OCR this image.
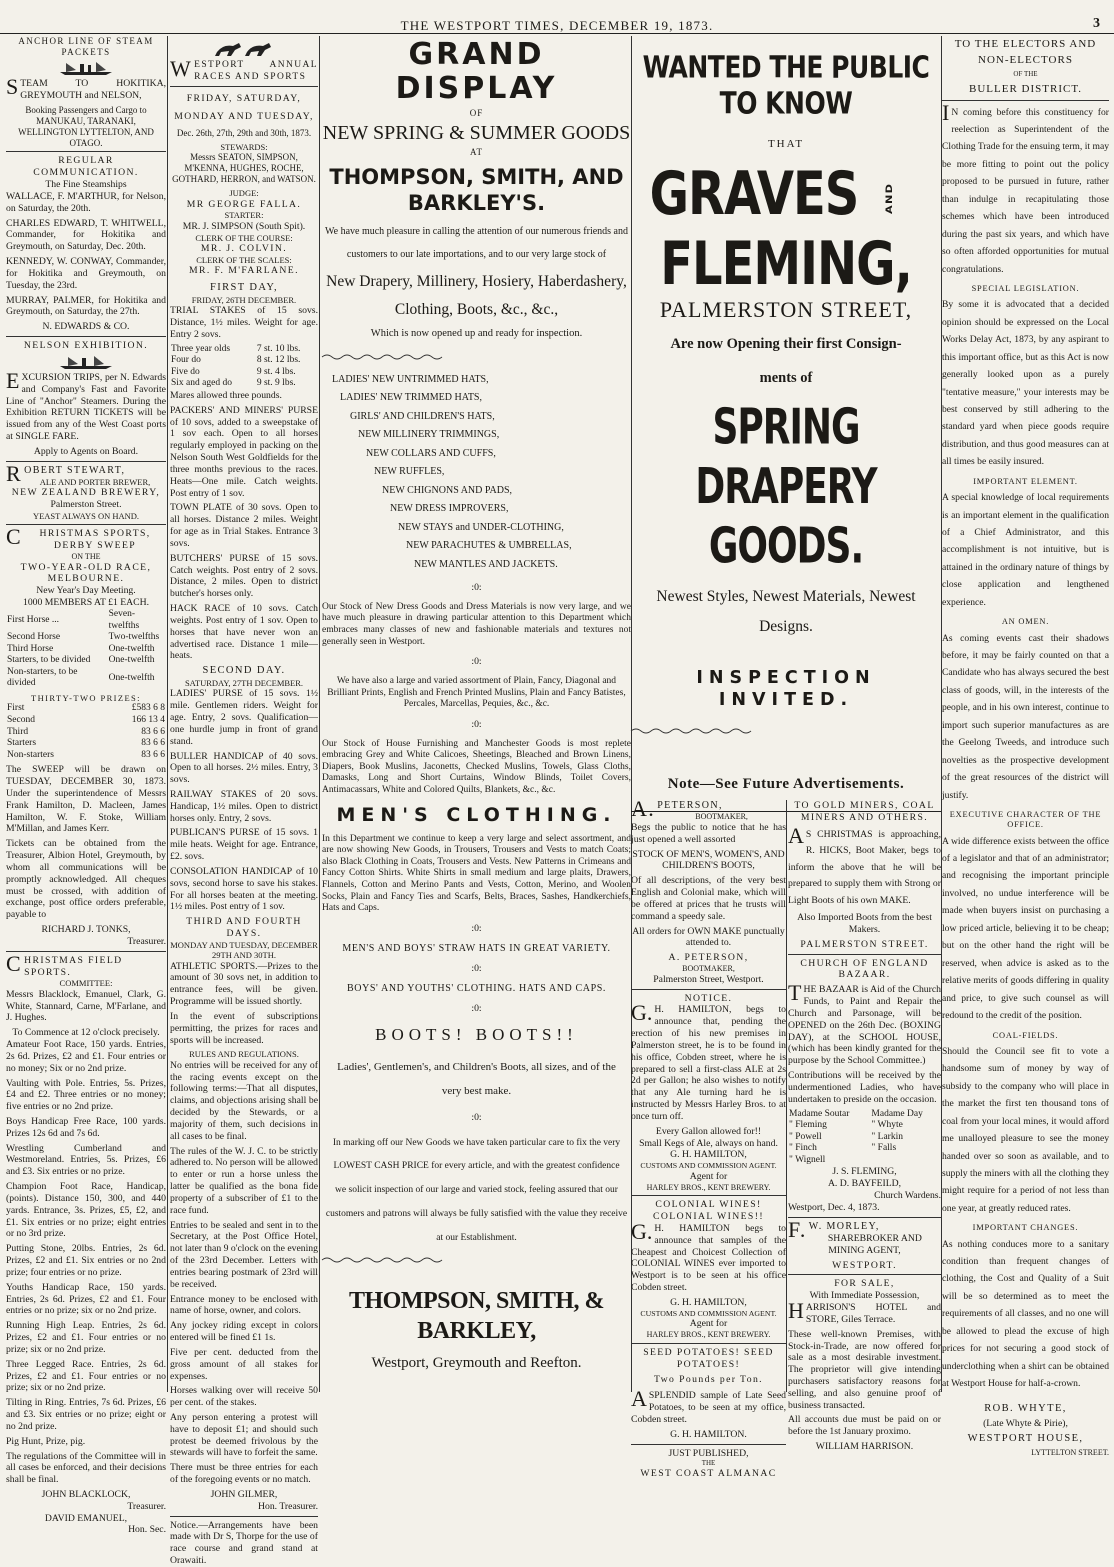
THE WESTPORT TIMES, DECEMBER 19, 1873.	3
ANCHOR LINE OF STEAM PACKETS
STEAM TO HOKITIKA, GREYMOUTH and NELSON,
Booking Passengers and Cargo to MANUKAU, TARANAKI, WELLINGTON LYTTELTON, AND OTAGO.
REGULAR COMMUNICATION.
The Fine Steamships
WALLACE, F. M'ARTHUR, for Nelson, on Saturday, the 20th.
CHARLES EDWARD, T. WHITWELL, Commander, for Hokitika and Greymouth, on Saturday, Dec. 20th.
KENNEDY, W. CONWAY, Commander, for Hokitika and Greymouth, on Tuesday, the 23rd.
MURRAY, PALMER, for Hokitika and Greymouth, on Saturday, the 27th.
N. EDWARDS & CO.
NELSON EXHIBITION.
EXCURSION TRIPS, per N. Edwards and Company's Fast and Favorite Line of "Anchor" Steamers. During the Exhibition RETURN TICKETS will be issued from any of the West Coast ports at SINGLE FARE.
Apply to Agents on Board.
ROBERT STEWART,
ALE AND PORTER BREWER,
NEW ZEALAND BREWERY,
Palmerston Street.
YEAST ALWAYS ON HAND.
CHRISTMAS SPORTS, DERBY SWEEP
ON THE
TWO-YEAR-OLD RACE, MELBOURNE.
New Year's Day Meeting.
1000 MEMBERS AT £1 EACH.
First Horse ...	Seven-twelfths
Second Horse	Two-twelfths
Third Horse	One-twelfth
Starters, to be divided	One-twelfth
Non-starters, to be divided	One-twelfth
THIRTY-TWO PRIZES:
First	£583 6 8
Second	166 13 4
Third	83 6 6
Starters	83 6 6
Non-starters	83 6 6
The SWEEP will be drawn on TUESDAY, DECEMBER 30, 1873. Under the superintendence of Messrs Frank Hamilton, D. Macleen, James Hamilton, W. F. Stoke, William M'Millan, and James Kerr.
Tickets can be obtained from the Treasurer, Albion Hotel, Greymouth, by whom all communications will be promptly acknowledged. All cheques must be crossed, with addition of exchange, post office orders preferable, payable to
RICHARD J. TONKS,
Treasurer.
CHRISTMAS FIELD SPORTS.
COMMITTEE:
Messrs Blacklock, Emanuel, Clark, G. White, Stannard, Carne, M'Farlane, and J. Hughes.
To Commence at 12 o'clock precisely.
Amateur Foot Race, 150 yards. Entries, 2s 6d. Prizes, £2 and £1. Four entries or no money; Six or no 2nd prize.
Vaulting with Pole. Entries, 5s. Prizes, £4 and £2. Three entries or no money; five entries or no 2nd prize.
Boys Handicap Free Race, 100 yards. Prizes 12s 6d and 7s 6d.
Wrestling Cumberland and Westmoreland. Entries, 5s. Prizes, £6 and £3. Six entries or no prize.
Champion Foot Race, Handicap, (points). Distance 150, 300, and 440 yards. Entrance, 3s. Prizes, £5, £2, and £1. Six entries or no prize; eight entries or no 3rd prize.
Putting Stone, 20lbs. Entries, 2s 6d. Prizes, £2 and £1. Six entries or no 2nd prize; four entries or no prize.
Youths Handicap Race, 150 yards. Entries, 2s 6d. Prizes, £2 and £1. Four entries or no prize; six or no 2nd prize.
Running High Leap. Entries, 2s 6d. Prizes, £2 and £1. Four entries or no prize; six or no 2nd prize.
Three Legged Race. Entries, 2s 6d. Prizes, £2 and £1. Four entries or no prize; six or no 2nd prize.
Tilting in Ring. Entries, 7s 6d. Prizes, £6 and £3. Six entries or no prize; eight or no 2nd prize.
Pig Hunt, Prize, pig.
The regulations of the Committee will in all cases be enforced, and their decisions shall be final.
JOHN BLACKLOCK,
Treasurer.
DAVID EMANUEL,
Hon. Sec.
WESTPORT ANNUAL RACES AND SPORTS
FRIDAY, SATURDAY, MONDAY AND TUESDAY,
Dec. 26th, 27th, 29th and 30th, 1873.
STEWARDS:
Messrs SEATON, SIMPSON, M'KENNA, HUGHES, ROCHE, GOTHARD, HERRON, and WATSON.
JUDGE:
MR GEORGE FALLA.
STARTER:
MR. J. SIMPSON (South Spit).
CLERK OF THE COURSE:
MR. J. COLVIN.
CLERK OF THE SCALES:
MR. F. M'FARLANE.
FIRST DAY,
FRIDAY, 26TH DECEMBER.
TRIAL STAKES of 15 sovs. Distance, 1½ miles. Weight for age. Entry 2 sovs.
Three year olds	7 st. 10 lbs.
Four do	8 st. 12 lbs.
Five do	9 st. 4 lbs.
Six and aged do	9 st. 9 lbs.
Mares allowed three pounds.
PACKERS' AND MINERS' PURSE of 10 sovs, added to a sweepstake of 1 sov each. Open to all horses regularly employed in packing on the Nelson South West Goldfields for the three months previous to the races. Heats—One mile. Catch weights. Post entry of 1 sov.
TOWN PLATE of 30 sovs. Open to all horses. Distance 2 miles. Weight for age as in Trial Stakes. Entrance 3 sovs.
BUTCHERS' PURSE of 15 sovs. Catch weights. Post entry of 2 sovs. Distance, 2 miles. Open to district butcher's horses only.
HACK RACE of 10 sovs. Catch weights. Post entry of 1 sov. Open to horses that have never won an advertised race. Distance 1 mile—heats.
SECOND DAY.
SATURDAY, 27TH DECEMBER.
LADIES' PURSE of 15 sovs. 1½ mile. Gentlemen riders. Weight for age. Entry, 2 sovs. Qualification—one hurdle jump in front of grand stand.
BULLER HANDICAP of 40 sovs. Open to all horses. 2½ miles. Entry, 3 sovs.
RAILWAY STAKES of 20 sovs. Handicap, 1½ miles. Open to district horses only. Entry, 2 sovs.
PUBLICAN'S PURSE of 15 sovs. 1 mile heats. Weight for age. Entrance, £2. sovs.
CONSOLATION HANDICAP of 10 sovs, second horse to save his stakes. For all horses beaten at the meeting. 1½ miles. Post entry of 1 sov.
THIRD AND FOURTH DAYS.
MONDAY AND TUESDAY, DECEMBER 29TH AND 30TH.
ATHLETIC SPORTS.—Prizes to the amount of 30 sovs net, in addition to entrance fees, will be given. Programme will be issued shortly.
In the event of subscriptions permitting, the prizes for races and sports will be increased.
RULES AND REGULATIONS.
No entries will be received for any of the racing events except on the following terms:—That all disputes, claims, and objections arising shall be decided by the Stewards, or a majority of them, such decisions in all cases to be final.
The rules of the W. J. C. to be strictly adhered to. No person will be allowed to enter or run a horse unless the latter be qualified as the bona fide property of a subscriber of £1 to the race fund.
Entries to be sealed and sent in to the Secretary, at the Post Office Hotel, not later than 9 o'clock on the evening of the 23rd December. Letters with entries bearing postmark of 23rd will be received.
Entrance money to be enclosed with name of horse, owner, and colors.
Any jockey riding except in colors entered will be fined £1 1s.
Five per cent. deducted from the gross amount of all stakes for expenses.
Horses walking over will receive 50 per cent. of the stakes.
Any person entering a protest will have to deposit £1; and should such protest be deemed frivolous by the stewards will have to forfeit the same.
There must be three entries for each of the foregoing events or no match.
JOHN GILMER,
Hon. Treasurer.
Notice.—Arrangements have been made with Dr S, Thorpe for the use of race course and grand stand at Orawaiti.
GRAND DISPLAY
OF
NEW SPRING & SUMMER GOODS
AT
THOMPSON, SMITH, AND BARKLEY'S.
We have much pleasure in calling the attention of our numerous friends and
customers to our late importations, and to our very large stock of
New Drapery, Millinery, Hosiery, Haberdashery,
Clothing, Boots, &c., &c.,
Which is now opened up and ready for inspection.
LADIES' NEW UNTRIMMED HATS,
LADIES' NEW TRIMMED HATS,
GIRLS' AND CHILDREN'S HATS,
NEW MILLINERY TRIMMINGS,
NEW COLLARS AND CUFFS,
NEW RUFFLES,
NEW CHIGNONS AND PADS,
NEW DRESS IMPROVERS,
NEW STAYS and UNDER-CLOTHING,
NEW PARACHUTES & UMBRELLAS,
NEW MANTLES AND JACKETS.
:0:
Our Stock of New Dress Goods and Dress Materials is now very large, and we have much pleasure in drawing particular attention to this Department which embraces many classes of new and fashionable materials and textures not generally seen in Westport.
:0:
We have also a large and varied assortment of Plain, Fancy, Diagonal and Brilliant Prints, English and French Printed Muslins, Plain and Fancy Batistes, Percales, Marcellas, Pequies, &c., &c.
:0:
Our Stock of House Furnishing and Manchester Goods is most replete embracing Grey and White Calicoes, Sheetings, Bleached and Brown Linens, Diapers, Book Muslins, Jaconetts, Checked Muslins, Towels, Glass Cloths, Damasks, Long and Short Curtains, Window Blinds, Toilet Covers, Antimacassars, White and Colored Quilts, Blankets, &c., &c.
MEN'S CLOTHING.
In this Department we continue to keep a very large and select assortment, and are now showing New Goods, in Trousers, Trousers and Vests to match Coats; also Black Clothing in Coats, Trousers and Vests. New Patterns in Crimeans and Fancy Cotton Shirts. White Shirts in small medium and large plaits, Drawers, Flannels, Cotton and Merino Pants and Vests, Cotton, Merino, and Woolen Socks, Plain and Fancy Ties and Scarfs, Belts, Braces, Sashes, Handkerchiefs, Hats and Caps.
:0:
MEN'S AND BOYS' STRAW HATS IN GREAT VARIETY.
:0:
BOYS' AND YOUTHS' CLOTHING. HATS AND CAPS.
:0:
BOOTS! BOOTS!!
Ladies', Gentlemen's, and Children's Boots, all sizes, and of the
very best make.
:0:
In marking off our New Goods we have taken particular care to fix the very
LOWEST CASH PRICE for every article, and with the greatest confidence
we solicit inspection of our large and varied stock, feeling assured that our
customers and patrons will always be fully satisfied with the value they receive
at our Establishment.
THOMPSON, SMITH, & BARKLEY,
Westport, Greymouth and Reefton.
WANTED THE PUBLIC TO KNOW
THAT
GRAVES	ANDFLEMING,
PALMERSTON STREET,
Are now Opening their first Consign-
ments of
SPRING DRAPERY GOODS.
Newest Styles, Newest Materials, Newest
Designs.
INSPECTION INVITED.
Note—See Future Advertisements.
A.PETERSON,
BOOTMAKER,
Begs the public to notice that he has just opened a well assorted
STOCK OF MEN'S, WOMEN'S, AND CHILDREN'S BOOTS,
Of all descriptions, of the very best English and Colonial make, which will be offered at prices that he trusts will command a speedy sale.
All orders for OWN MAKE punctually attended to.
A. PETERSON,
BOOTMAKER,
Palmerston Street, Westport.
NOTICE.
G.H. HAMILTON, begs to announce that, pending the erection of his new premises in Palmerston street, he is to be found in his office, Cobden street, where he is prepared to sell a first-class ALE at 2s 2d per Gallon; he also wishes to notify that any Ale turning hard he is instructed by Messrs Harley Bros. to at once turn off.
Every Gallon allowed for!!
Small Kegs of Ale, always on hand.
G. H. HAMILTON,
CUSTOMS AND COMMISSION AGENT.
Agent for
HARLEY BROS., KENT BREWERY.
COLONIAL WINES! COLONIAL WINES!!
G.H. HAMILTON begs to announce that samples of the Cheapest and Choicest Collection of COLONIAL WINES ever imported to Westport is to be seen at his office Cobden street.
G. H. HAMILTON,
CUSTOMS AND COMMISSION AGENT.
Agent for
HARLEY BROS., KENT BREWERY.
SEED POTATOES! SEED POTATOES!
Two Pounds per Ton.
ASPLENDID sample of Late Seed Potatoes, to be seen at my office, Cobden street.
G. H. HAMILTON.
JUST PUBLISHED,
THE
WEST COAST ALMANAC
TO GOLD MINERS, COAL MINERS AND OTHERS.
AS CHRISTMAS is approaching, R. HICKS, Boot Maker, begs to inform the above that he will be prepared to supply them with Strong or Light Boots of his own MAKE.
Also Imported Boots from the best Makers.
PALMERSTON STREET.
CHURCH OF ENGLAND BAZAAR.
THE BAZAAR is Aid of the Church Funds, to Paint and Repair the Church and Parsonage, will be OPENED on the 26th Dec. (BOXING DAY), at the SCHOOL HOUSE, (which has been kindly granted for the purpose by the School Committee.)
Contributions will be received by the undermentioned Ladies, who have undertaken to preside on the occasion.
Madame Soutar	Madame Day
" Fleming	" Whyte
" Powell	" Larkin
" Finch	" Falls
" Wignell	
J. S. FLEMING,
A. D. BAYFEILD,
Church Wardens.
Westport, Dec. 4, 1873.
F.W. MORLEY,
SHAREBROKER AND MINING AGENT,
WESTPORT.
FOR SALE,
With Immediate Possession,
HARRISON'S HOTEL and STORE, Giles Terrace.
These well-known Premises, with Stock-in-Trade, are now offered for sale as a most desirable investment. The proprietor will give intending purchasers satisfactory reasons for selling, and also genuine proof of business transacted.
All accounts due must be paid on or before the 1st January proximo.
WILLIAM HARRISON.
TO THE ELECTORS AND
NON-ELECTORS
OF THE
BULLER DISTRICT.
IN coming before this constituency for reelection as Superintendent of the Clothing Trade for the ensuing term, it may be more fitting to point out the policy proposed to be pursued in future, rather than indulge in recapitulating those schemes which have been introduced during the past six years, and which have so often afforded opportunities for mutual congratulations.
SPECIAL LEGISLATION.
By some it is advocated that a decided opinion should be expressed on the Local Works Delay Act, 1873, by any aspirant to this important office, but as this Act is now generally looked upon as a purely "tentative measure," your interests may be best conserved by still adhering to the standard yard when piece goods require distribution, and thus good measures can at all times be easily insured.
IMPORTANT ELEMENT.
A special knowledge of local requirements is an important element in the qualification of a Chief Administrator, and this accomplishment is not intuitive, but is attained in the ordinary nature of things by close application and lengthened experience.
AN OMEN.
As coming events cast their shadows before, it may be fairly counted on that a Candidate who has always secured the best class of goods, will, in the interests of the people, and in his own interest, continue to import such superior manufactures as are the Geelong Tweeds, and introduce such novelties as the prospective development of the great resources of the district will justify.
EXECUTIVE CHARACTER OF THE OFFICE.
A wide difference exists between the office of a legislator and that of an administrator; and recognising the important principle involved, no undue interference will be made when buyers insist on purchasing a low priced article, believing it to be cheap; but on the other hand the right will be reserved, when advice is asked as to the relative merits of goods differing in quality and price, to give such counsel as will redound to the credit of the position.
COAL-FIELDS.
Should the Council see fit to vote a handsome sum of money by way of subsidy to the company who will place in the market the first ten thousand tons of coal from your local mines, it would afford me unalloyed pleasure to see the money handed over so soon as available, and to supply the miners with all the clothing they might require for a period of not less than one year, at greatly reduced rates.
IMPORTANT CHANGES.
As nothing conduces more to a sanitary condition than frequent changes of clothing, the Cost and Quality of a Suit will be so determined as to meet the requirements of all classes, and no one will be allowed to plead the excuse of high prices for not securing a good stock of underclothing when a shirt can be obtained at Westport House for half-a-crown.
ROB. WHYTE,
(Late Whyte & Pirie),
WESTPORT HOUSE,
LYTTELTON STREET.
